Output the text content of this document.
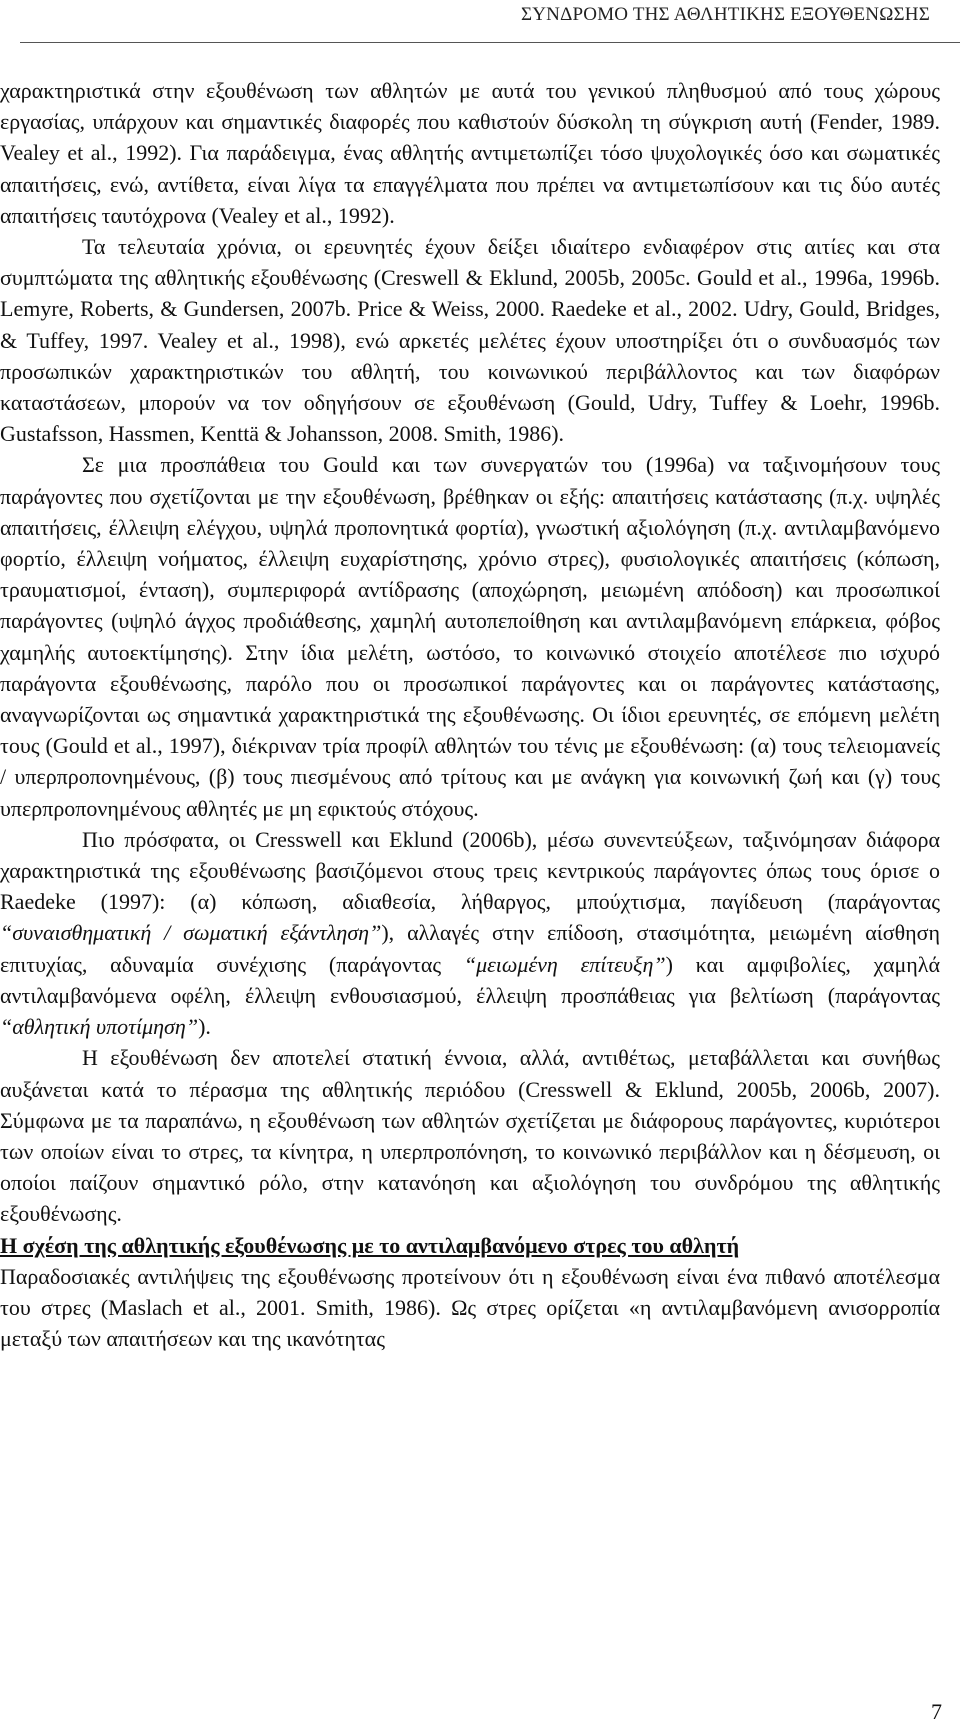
ΣΥΝΔΡΟΜΟ ΤΗΣ ΑΘΛΗΤΙΚΗΣ ΕΞΟΥΘΕΝΩΣΗΣ

χαρακτηριστικά στην εξουθένωση των αθλητών με αυτά του γενικού πληθυσμού από τους χώρους εργασίας, υπάρχουν και σημαντικές διαφορές που καθιστούν δύσκολη τη σύγκριση αυτή (Fender, 1989. Vealey et al., 1992). Για παράδειγμα, ένας αθλητής αντιμετωπίζει τόσο ψυχολογικές όσο και σωματικές απαιτήσεις, ενώ, αντίθετα, είναι λίγα τα επαγγέλματα που πρέπει να αντιμετωπίσουν και τις δύο αυτές απαιτήσεις ταυτόχρονα (Vealey et al., 1992).

Τα τελευταία χρόνια, οι ερευνητές έχουν δείξει ιδιαίτερο ενδιαφέρον στις αιτίες και στα συμπτώματα της αθλητικής εξουθένωσης (Creswell & Eklund, 2005b, 2005c. Gould et al., 1996a, 1996b. Lemyre, Roberts, & Gundersen, 2007b. Price & Weiss, 2000. Raedeke et al., 2002. Udry, Gould, Bridges, & Tuffey, 1997. Vealey et al., 1998), ενώ αρκετές μελέτες έχουν υποστηρίξει ότι ο συνδυασμός των προσωπικών χαρακτηριστικών του αθλητή, του κοινωνικού περιβάλλοντος και των διαφόρων καταστάσεων, μπορούν να τον οδηγήσουν σε εξουθένωση (Gould, Udry, Tuffey & Loehr, 1996b. Gustafsson, Hassmen, Kenttä & Johansson, 2008. Smith, 1986).

Σε μια προσπάθεια του Gould και των συνεργατών του (1996a) να ταξινομήσουν τους παράγοντες που σχετίζονται με την εξουθένωση, βρέθηκαν οι εξής: απαιτήσεις κατάστασης (π.χ. υψηλές απαιτήσεις, έλλειψη ελέγχου, υψηλά προπονητικά φορτία), γνωστική αξιολόγηση (π.χ. αντιλαμβανόμενο φορτίο, έλλειψη νοήματος, έλλειψη ευχαρίστησης, χρόνιο στρες), φυσιολογικές απαιτήσεις (κόπωση, τραυματισμοί, ένταση), συμπεριφορά αντίδρασης (αποχώρηση, μειωμένη απόδοση) και προσωπικοί παράγοντες (υψηλό άγχος προδιάθεσης, χαμηλή αυτοπεποίθηση και αντιλαμβανόμενη επάρκεια, φόβος χαμηλής αυτοεκτίμησης). Στην ίδια μελέτη, ωστόσο, το κοινωνικό στοιχείο αποτέλεσε πιο ισχυρό παράγοντα εξουθένωσης, παρόλο που οι προσωπικοί παράγοντες και οι παράγοντες κατάστασης, αναγνωρίζονται ως σημαντικά χαρακτηριστικά της εξουθένωσης. Οι ίδιοι ερευνητές, σε επόμενη μελέτη τους (Gould et al., 1997), διέκριναν τρία προφίλ αθλητών του τένις με εξουθένωση: (α) τους τελειομανείς / υπερπροπονημένους, (β) τους πιεσμένους από τρίτους και με ανάγκη για κοινωνική ζωή και (γ) τους υπερπροπονημένους αθλητές με μη εφικτούς στόχους.

Πιο πρόσφατα, οι Cresswell και Eklund (2006b), μέσω συνεντεύξεων, ταξινόμησαν διάφορα χαρακτηριστικά της εξουθένωσης βασιζόμενοι στους τρεις κεντρικούς παράγοντες όπως τους όρισε ο Raedeke (1997): (α) κόπωση, αδιαθεσία, λήθαργος, μπούχτισμα, παγίδευση (παράγοντας “συναισθηματική / σωματική εξάντληση”), αλλαγές στην επίδοση, στασιμότητα, μειωμένη αίσθηση επιτυχίας, αδυναμία συνέχισης (παράγοντας “μειωμένη επίτευξη”) και αμφιβολίες, χαμηλά αντιλαμβανόμενα οφέλη, έλλειψη ενθουσιασμού, έλλειψη προσπάθειας για βελτίωση (παράγοντας “αθλητική υποτίμηση”).

Η εξουθένωση δεν αποτελεί στατική έννοια, αλλά, αντιθέτως, μεταβάλλεται και συνήθως αυξάνεται κατά το πέρασμα της αθλητικής περιόδου (Cresswell & Eklund, 2005b, 2006b, 2007). Σύμφωνα με τα παραπάνω, η εξουθένωση των αθλητών σχετίζεται με διάφορους παράγοντες, κυριότεροι των οποίων είναι το στρες, τα κίνητρα, η υπερπροπόνηση, το κοινωνικό περιβάλλον και η δέσμευση, οι οποίοι παίζουν σημαντικό ρόλο, στην κατανόηση και αξιολόγηση του συνδρόμου της αθλητικής εξουθένωσης.

Η σχέση της αθλητικής εξουθένωσης με το αντιλαμβανόμενο στρες του αθλητή

Παραδοσιακές αντιλήψεις της εξουθένωσης προτείνουν ότι η εξουθένωση είναι ένα πιθανό αποτέλεσμα του στρες (Maslach et al., 2001. Smith, 1986). Ως στρες ορίζεται «η αντιλαμβανόμενη ανισορροπία μεταξύ των απαιτήσεων και της ικανότητας

7
